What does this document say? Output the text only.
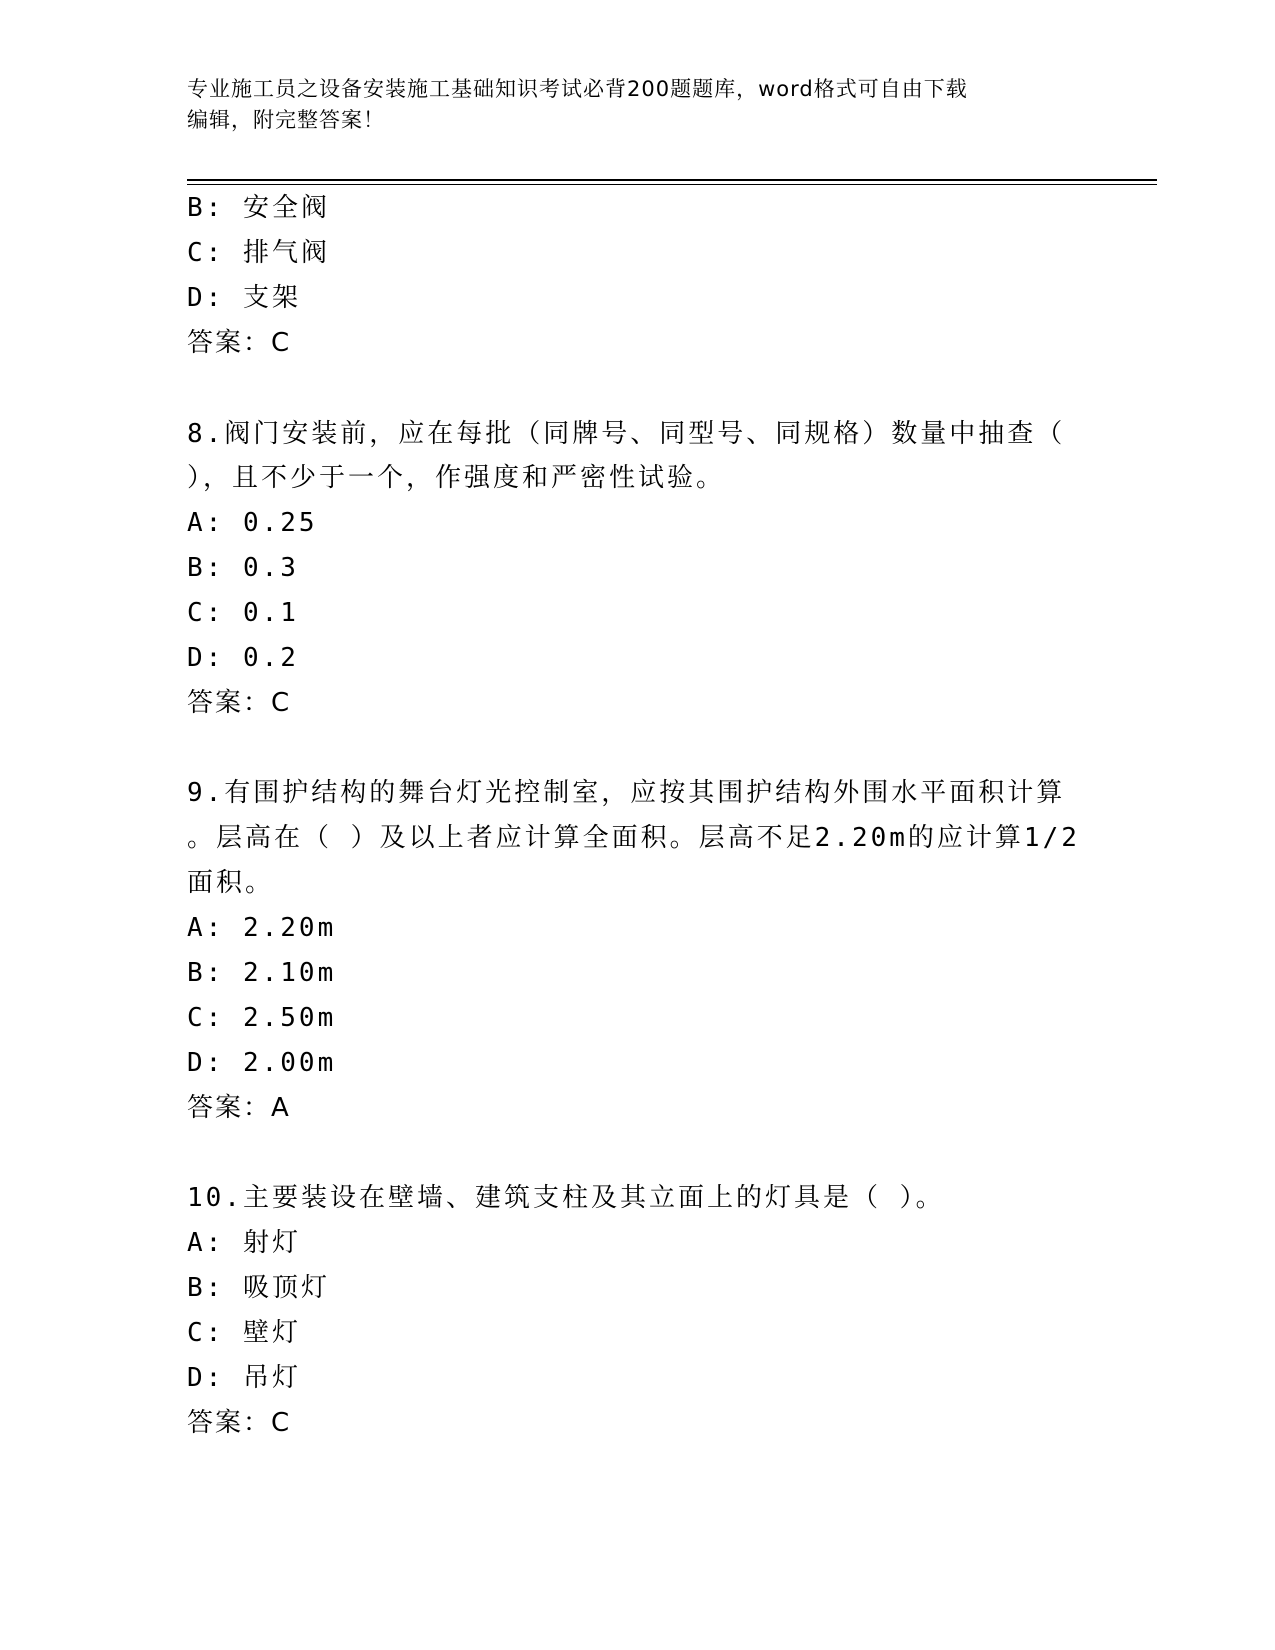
专业施工员之设备安装施工基础知识考试必背200题题库，word格式可自由下载
编辑，附完整答案！
B: 安全阀
C: 排气阀
D: 支架
答案：C
8.阀门安装前，应在每批（同牌号、同型号、同规格）数量中抽查（
），且不少于一个，作强度和严密性试验。
A: 0.25
B: 0.3
C: 0.1
D: 0.2
答案：C
9.有围护结构的舞台灯光控制室，应按其围护结构外围水平面积计算
。层高在（ ）及以上者应计算全面积。层高不足2.20m的应计算1/2
面积。
A: 2.20m
B: 2.10m
C: 2.50m
D: 2.00m
答案：A
10.主要装设在壁墙、建筑支柱及其立面上的灯具是（ ）。
A: 射灯
B: 吸顶灯
C: 壁灯
D: 吊灯
答案：C
